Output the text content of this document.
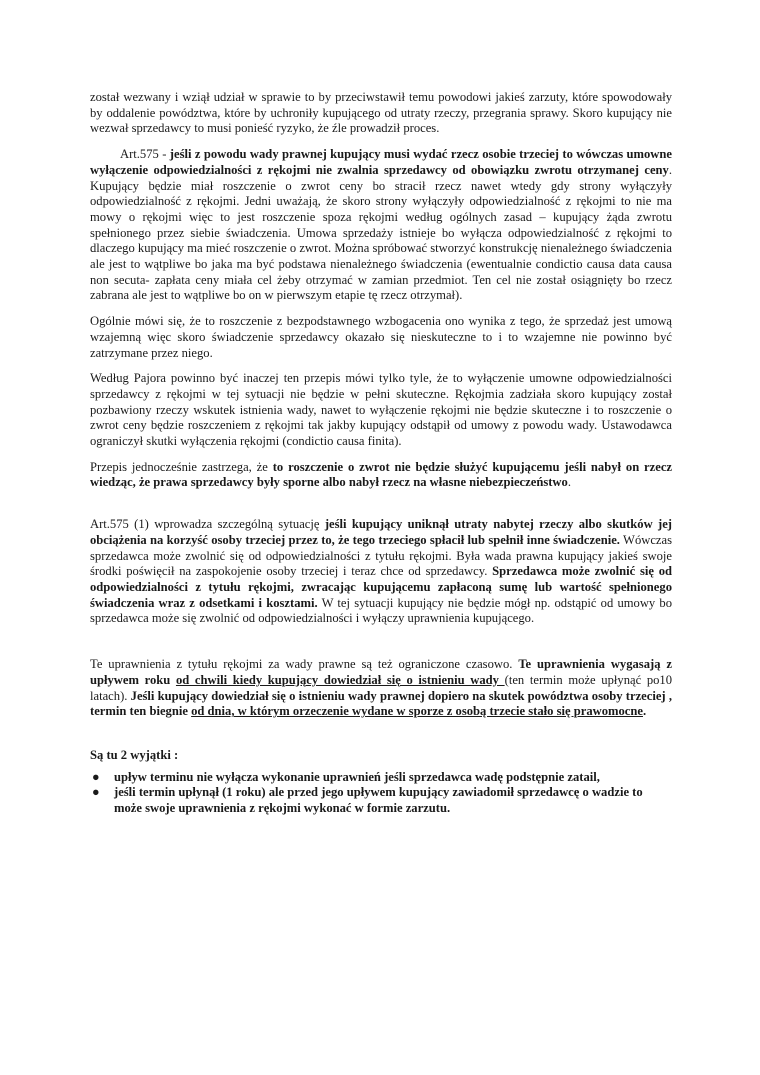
został wezwany i wziął udział w sprawie to by przeciwstawił temu powodowi jakieś zarzuty, które spowodowały by oddalenie powództwa, które by uchroniły kupującego od utraty rzeczy, przegrania sprawy. Skoro kupujący nie wezwał sprzedawcy to musi ponieść ryzyko, że źle prowadził proces.

Art.575 - jeśli z powodu wady prawnej kupujący musi wydać rzecz osobie trzeciej to wówczas umowne wyłączenie odpowiedzialności z rękojmi nie zwalnia sprzedawcy od obowiązku zwrotu otrzymanej ceny. Kupujący będzie miał roszczenie o zwrot ceny bo stracił rzecz nawet wtedy gdy strony wyłączyły odpowiedzialność z rękojmi. Jedni uważają, że skoro strony wyłączyły odpowiedzialność z rękojmi to nie ma mowy o rękojmi więc to jest roszczenie spoza rękojmi według ogólnych zasad – kupujący żąda zwrotu spełnionego przez siebie świadczenia. Umowa sprzedaży istnieje bo wyłącza odpowiedzialność z rękojmi to dlaczego kupujący ma mieć roszczenie o zwrot. Można spróbować stworzyć konstrukcję nienależnego świadczenia ale jest to wątpliwe bo jaka ma być podstawa nienależnego świadczenia (ewentualnie condictio causa data causa non secuta- zapłata ceny miała cel żeby otrzymać w zamian przedmiot. Ten cel nie został osiągnięty bo rzecz zabrana ale jest to wątpliwe bo on w pierwszym etapie tę rzecz otrzymał).

Ogólnie mówi się, że to roszczenie z bezpodstawnego wzbogacenia ono wynika z tego, że sprzedaż jest umową wzajemną więc skoro świadczenie sprzedawcy okazało się nieskuteczne to i to wzajemne nie powinno być zatrzymane przez niego.

Według Pajora powinno być inaczej ten przepis mówi tylko tyle, że to wyłączenie umowne odpowiedzialności sprzedawcy z rękojmi w tej sytuacji nie będzie w pełni skuteczne. Rękojmia zadziała skoro kupujący został pozbawiony rzeczy wskutek istnienia wady, nawet to wyłączenie rękojmi nie będzie skuteczne i to roszczenie o zwrot ceny będzie roszczeniem z rękojmi tak jakby kupujący odstąpił od umowy z powodu wady. Ustawodawca ograniczył skutki wyłączenia rękojmi (condictio causa finita).

Przepis jednocześnie zastrzega, że to roszczenie o zwrot nie będzie służyć kupującemu jeśli nabył on rzecz wiedząc, że prawa sprzedawcy były sporne albo nabył rzecz na własne niebezpieczeństwo.

Art.575 (1) wprowadza szczególną sytuację jeśli kupujący uniknął utraty nabytej rzeczy albo skutków jej obciążenia na korzyść osoby trzeciej przez to, że tego trzeciego spłacił lub spełnił inne świadczenie. Wówczas sprzedawca może zwolnić się od odpowiedzialności z tytułu rękojmi. Była wada prawna kupujący jakieś swoje środki poświęcił na zaspokojenie osoby trzeciej i teraz chce od sprzedawcy. Sprzedawca może zwolnić się od odpowiedzialności z tytułu rękojmi, zwracając kupującemu zapłaconą sumę lub wartość spełnionego świadczenia wraz z odsetkami i kosztami. W tej sytuacji kupujący nie będzie mógł np. odstąpić od umowy bo sprzedawca może się zwolnić od odpowiedzialności i wyłączy uprawnienia kupującego.

Te uprawnienia z tytułu rękojmi za wady prawne są też ograniczone czasowo. Te uprawnienia wygasają z upływem roku od chwili kiedy kupujący dowiedział się o istnieniu wady (ten termin może upłynąć po10 latach). Jeśli kupujący dowiedział się o istnieniu wady prawnej dopiero na skutek powództwa osoby trzeciej , termin ten biegnie od dnia, w którym orzeczenie wydane w sporze z osobą trzecie stało się prawomocne.

Są tu 2 wyjątki :

● upływ terminu nie wyłącza wykonanie uprawnień jeśli sprzedawca wadę podstępnie zatail,
● jeśli termin upłynął (1 roku) ale przed jego upływem kupujący zawiadomił sprzedawcę o wadzie to może swoje uprawnienia z rękojmi wykonać w formie zarzutu.
